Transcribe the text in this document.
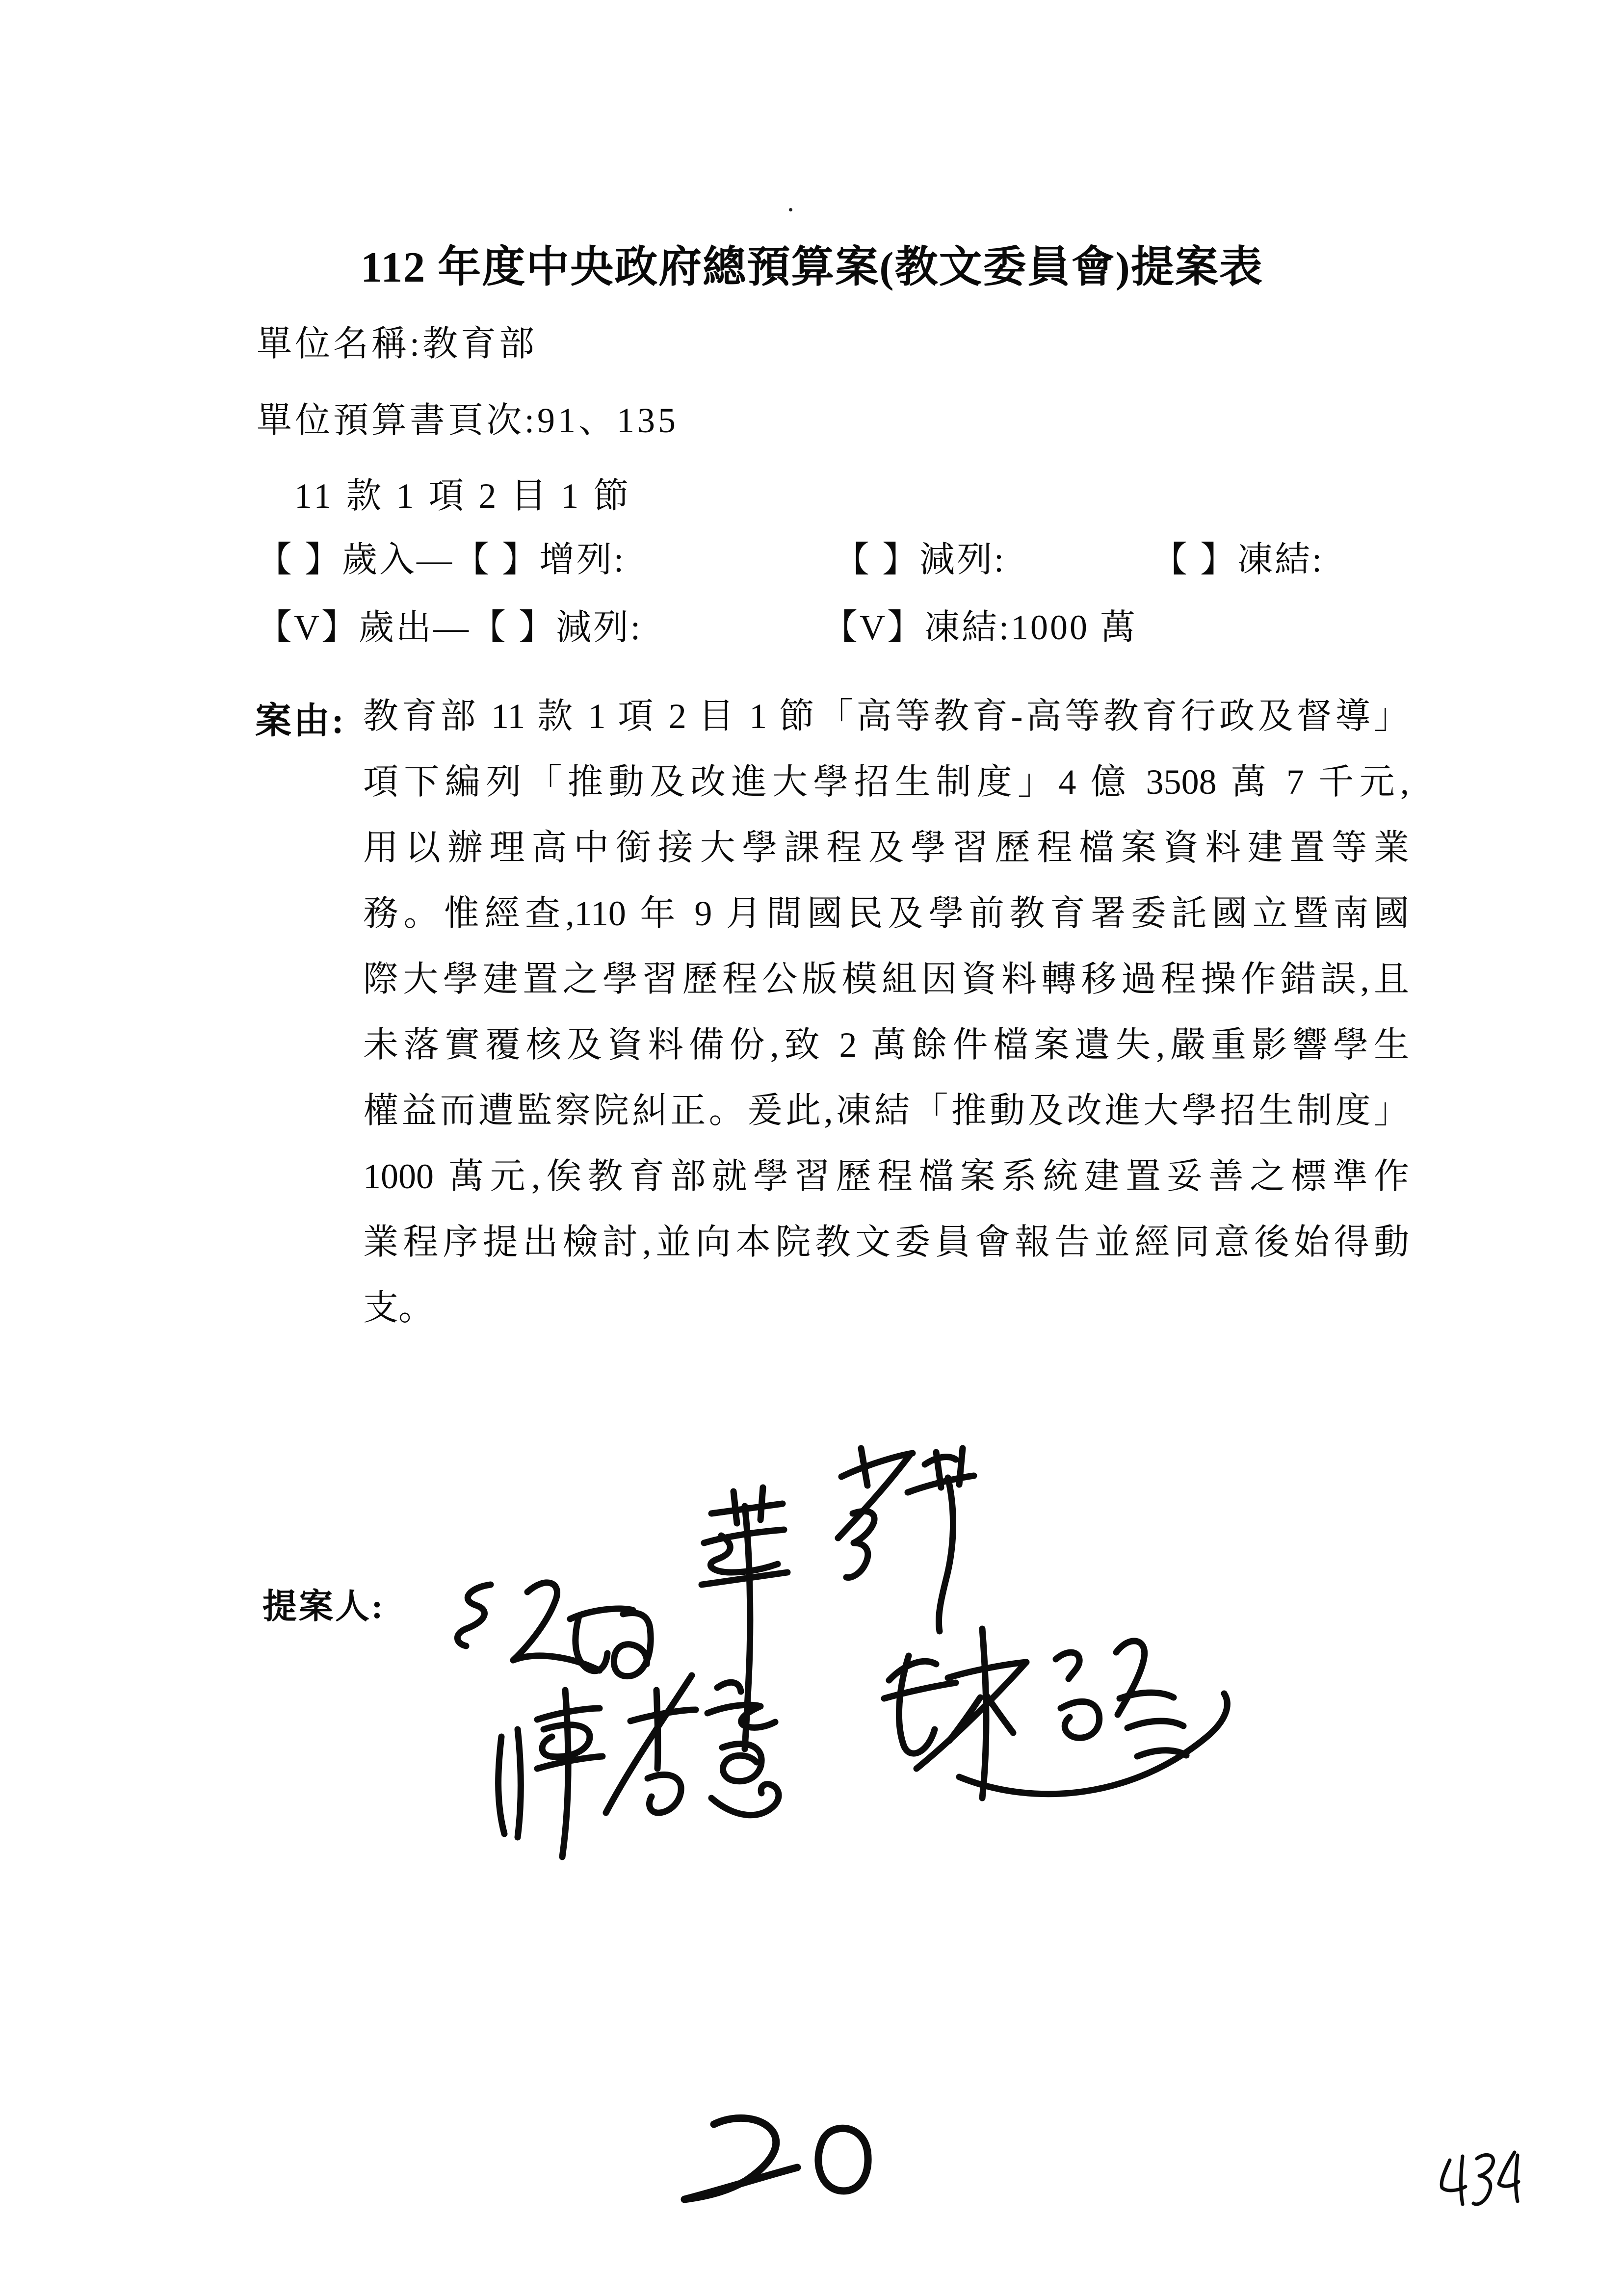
112 年度中央政府總預算案(教文委員會)提案表
單位名稱:教育部
單位預算書頁次:91、135
11 款 1 項 2 目 1 節
【 】歲入—【 】增列:	【 】減列:	【 】凍結:
【V】歲出—【 】減列:	【V】凍結:1000 萬
案由: 教育部 11 款 1 項 2 目 1 節「高等教育-高等教育行政及督導」
項下編列「推動及改進大學招生制度」4 億 3508 萬 7 千元,
用以辦理高中銜接大學課程及學習歷程檔案資料建置等業
務。惟經查,110 年 9 月間國民及學前教育署委託國立暨南國
際大學建置之學習歷程公版模組因資料轉移過程操作錯誤,且
未落實覆核及資料備份,致 2 萬餘件檔案遺失,嚴重影響學生
權益而遭監察院糾正。爰此,凍結「推動及改進大學招生制度」
1000 萬元,俟教育部就學習歷程檔案系統建置妥善之標準作
業程序提出檢討,並向本院教文委員會報告並經同意後始得動
支。
提案人:
